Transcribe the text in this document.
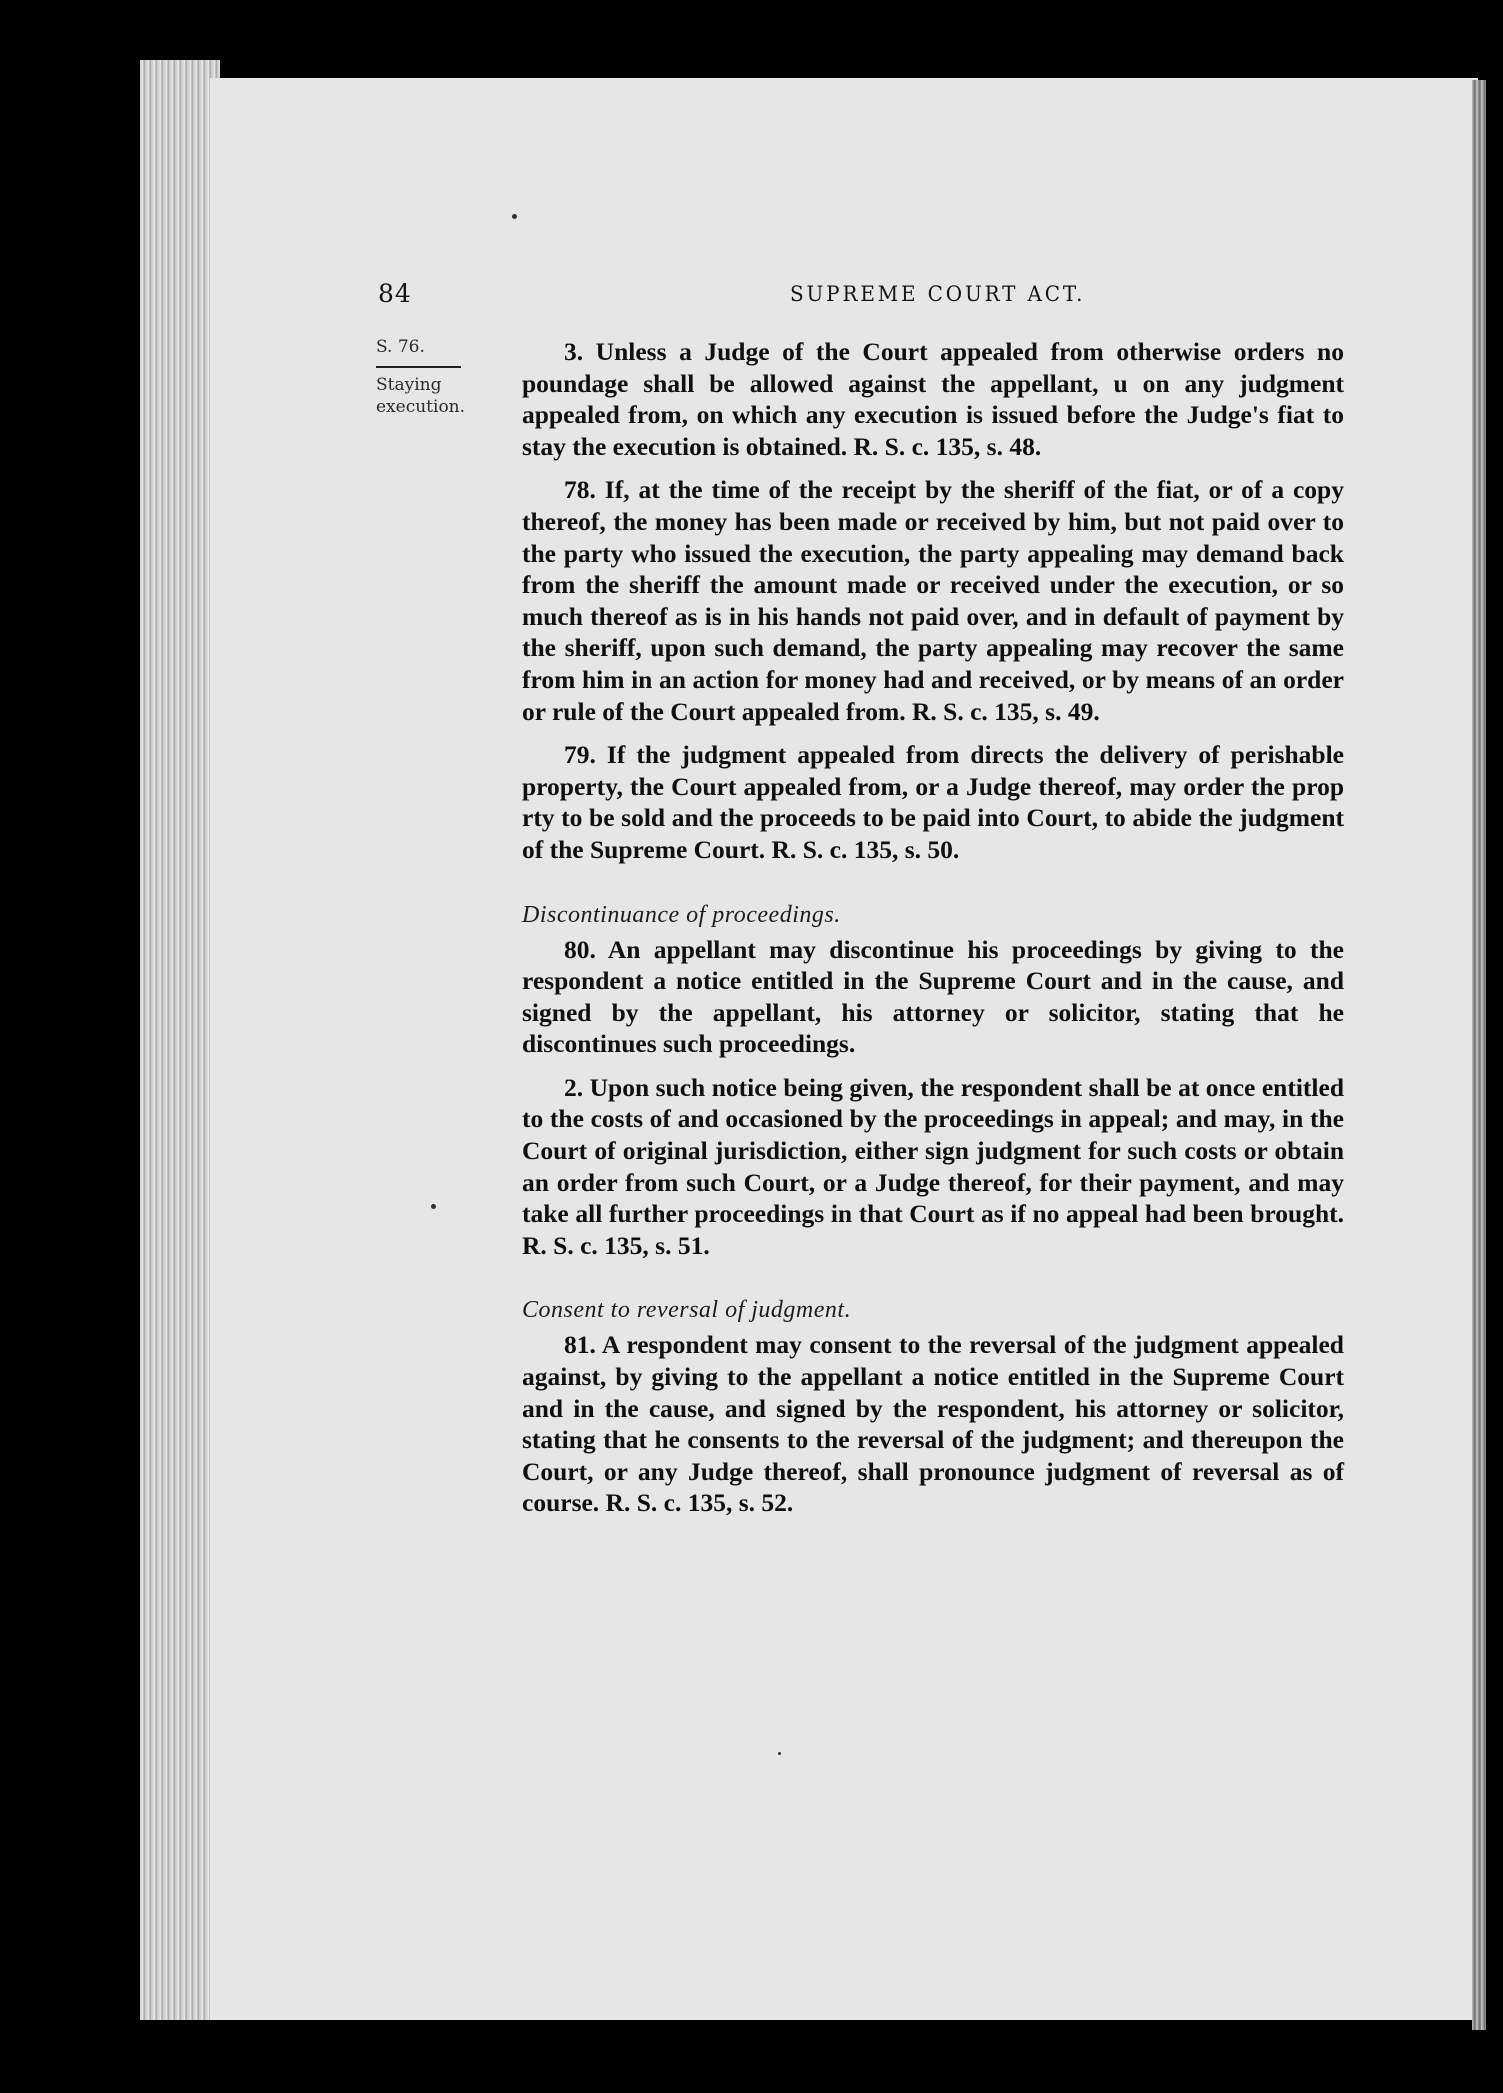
84	SUPREME COURT ACT.
S. 76.
Staying
execution.

3. Unless a Judge of the Court appealed from otherwise orders no poundage shall be allowed against the appellant, u on any judgment appealed from, on which any execution is issued before the Judge's fiat to stay the execution is obtained. R. S. c. 135, s. 48.

78. If, at the time of the receipt by the sheriff of the fiat, or of a copy thereof, the money has been made or received by him, but not paid over to the party who issued the execution, the party appealing may demand back from the sheriff the amount made or received under the execution, or so much thereof as is in his hands not paid over, and in default of payment by the sheriff, upon such demand, the party appealing may recover the same from him in an action for money had and received, or by means of an order or rule of the Court appealed from. R. S. c. 135, s. 49.

79. If the judgment appealed from directs the delivery of perishable property, the Court appealed from, or a Judge thereof, may order the prop rty to be sold and the proceeds to be paid into Court, to abide the judgment of the Supreme Court. R. S. c. 135, s. 50.

Discontinuance of proceedings.

80. An appellant may discontinue his proceedings by giving to the respondent a notice entitled in the Supreme Court and in the cause, and signed by the appellant, his attorney or solicitor, stating that he discontinues such proceedings.

2. Upon such notice being given, the respondent shall be at once entitled to the costs of and occasioned by the proceedings in appeal; and may, in the Court of original jurisdiction, either sign judgment for such costs or obtain an order from such Court, or a Judge thereof, for their payment, and may take all further proceedings in that Court as if no appeal had been brought. R. S. c. 135, s. 51.

Consent to reversal of judgment.

81. A respondent may consent to the reversal of the judgment appealed against, by giving to the appellant a notice entitled in the Supreme Court and in the cause, and signed by the respondent, his attorney or solicitor, stating that he consents to the reversal of the judgment; and thereupon the Court, or any Judge thereof, shall pronounce judgment of reversal as of course. R. S. c. 135, s. 52.
